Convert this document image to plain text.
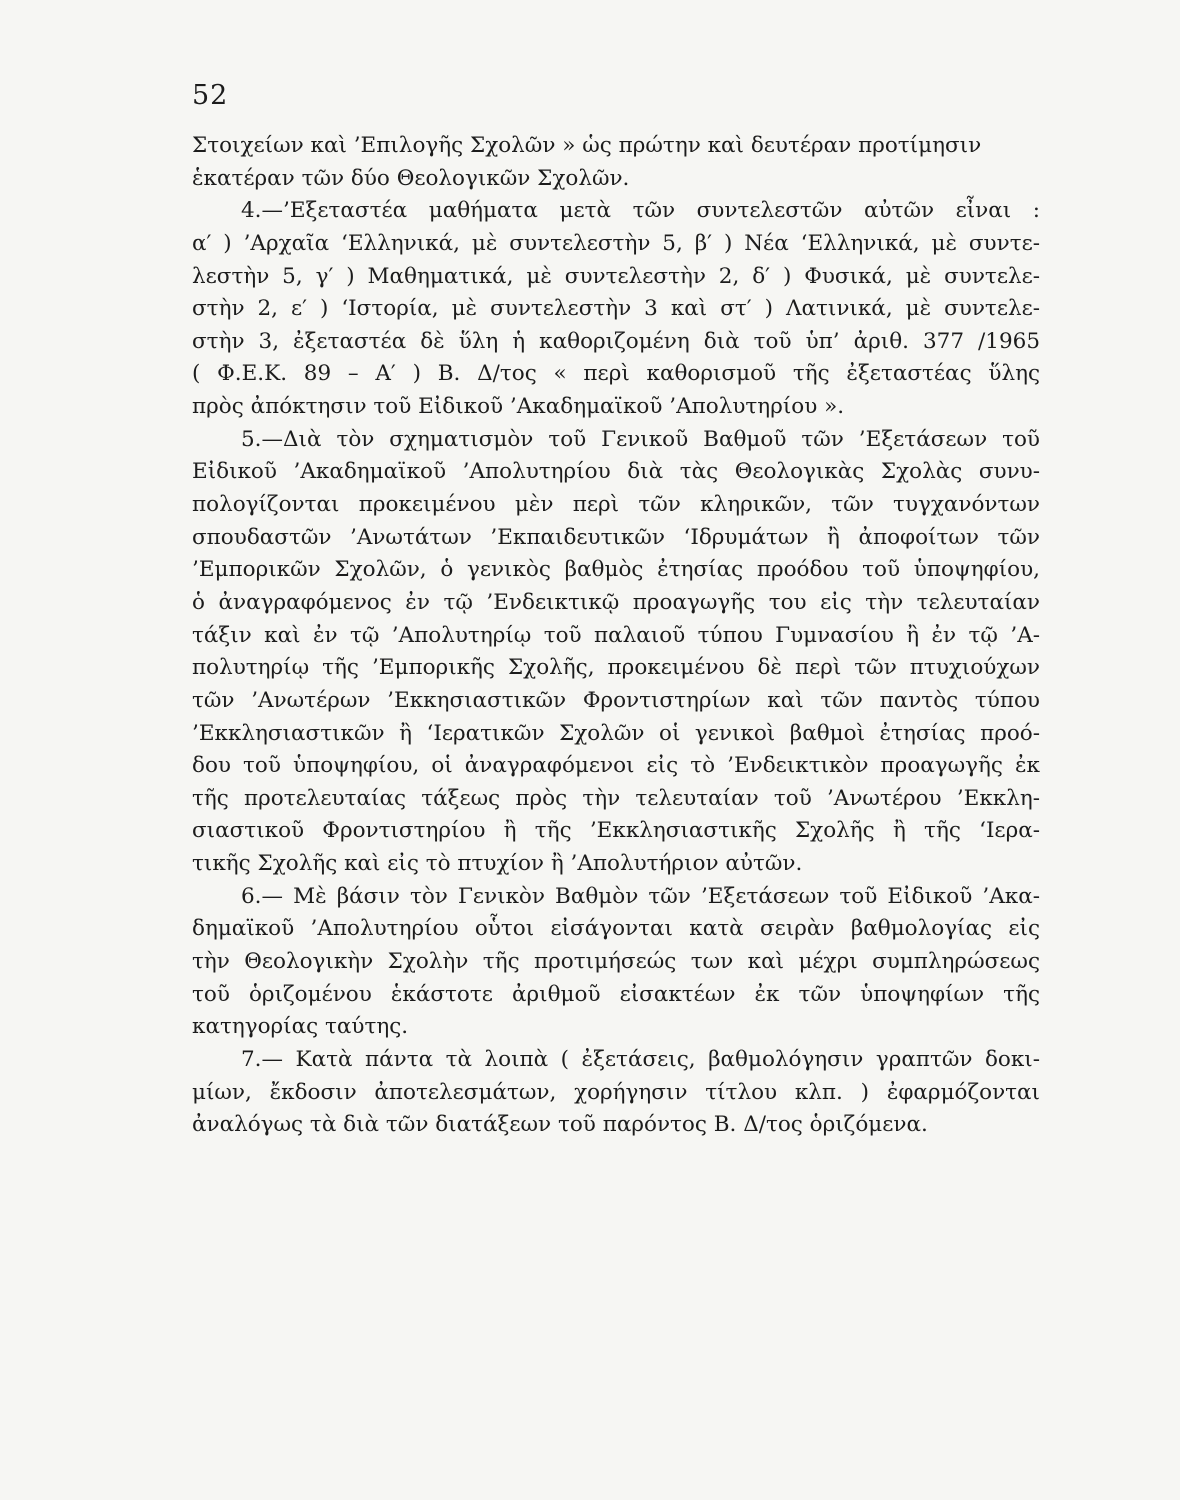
52
Στοιχείων καὶ ’Επιλογῆς Σχολῶν » ὡς πρώτην καὶ δευτέραν προτίμησιν
ἑκατέραν τῶν δύο Θεολογικῶν Σχολῶν.
4.—’Εξεταστέα μαθήματα μετὰ τῶν συντελεστῶν αὐτῶν εἶναι :
α′ ) ’Αρχαῖα ‘Ελληνικά, μὲ συντελεστὴν 5, β′ ) Νέα ‘Ελληνικά, μὲ συντε-
λεστὴν 5, γ′ ) Μαθηματικά, μὲ συντελεστὴν 2, δ′ ) Φυσικά, μὲ συντελε-
στὴν 2, ε′ ) ‘Ιστορία, μὲ συντελεστὴν 3 καὶ στ′ ) Λατινικά, μὲ συντελε-
στὴν 3, ἐξεταστέα δὲ ὕλη ἡ καθοριζομένη διὰ τοῦ ὑπ’ ἀριθ. 377 /1965
( Φ.Ε.Κ. 89 – Α′ ) Β. Δ/τος « περὶ καθορισμοῦ τῆς ἐξεταστέας ὕλης
πρὸς ἀπόκτησιν τοῦ Εἰδικοῦ ’Ακαδημαϊκοῦ ’Απολυτηρίου ».
5.—Διὰ τὸν σχηματισμὸν τοῦ Γενικοῦ Βαθμοῦ τῶν ’Εξετάσεων τοῦ
Εἰδικοῦ ’Ακαδημαϊκοῦ ’Απολυτηρίου διὰ τὰς Θεολογικὰς Σχολὰς συνυ-
πολογίζονται προκειμένου μὲν περὶ τῶν κληρικῶν, τῶν τυγχανόντων
σπουδαστῶν ’Ανωτάτων ’Εκπαιδευτικῶν ‘Ιδρυμάτων ἢ ἀποφοίτων τῶν
’Εμπορικῶν Σχολῶν, ὁ γενικὸς βαθμὸς ἐτησίας προόδου τοῦ ὑποψηφίου,
ὁ ἀναγραφόμενος ἐν τῷ ’Ενδεικτικῷ προαγωγῆς του εἰς τὴν τελευταίαν
τάξιν καὶ ἐν τῷ ’Απολυτηρίῳ τοῦ παλαιοῦ τύπου Γυμνασίου ἢ ἐν τῷ ’Α-
πολυτηρίῳ τῆς ’Εμπορικῆς Σχολῆς, προκειμένου δὲ περὶ τῶν πτυχιούχων
τῶν ’Ανωτέρων ’Εκκησιαστικῶν Φροντιστηρίων καὶ τῶν παντὸς τύπου
’Εκκλησιαστικῶν ἢ ‘Ιερατικῶν Σχολῶν οἱ γενικοὶ βαθμοὶ ἐτησίας προό-
δου τοῦ ὑποψηφίου, οἱ ἀναγραφόμενοι εἰς τὸ ’Ενδεικτικὸν προαγωγῆς ἐκ
τῆς προτελευταίας τάξεως πρὸς τὴν τελευταίαν τοῦ ’Ανωτέρου ’Εκκλη-
σιαστικοῦ Φροντιστηρίου ἢ τῆς ’Εκκλησιαστικῆς Σχολῆς ἢ τῆς ‘Ιερα-
τικῆς Σχολῆς καὶ εἰς τὸ πτυχίον ἢ ’Απολυτήριον αὐτῶν.
6.— Μὲ βάσιν τὸν Γενικὸν Βαθμὸν τῶν ’Εξετάσεων τοῦ Εἰδικοῦ ’Ακα-
δημαϊκοῦ ’Απολυτηρίου οὗτοι εἰσάγονται κατὰ σειρὰν βαθμολογίας εἰς
τὴν Θεολογικὴν Σχολὴν τῆς προτιμήσεώς των καὶ μέχρι συμπληρώσεως
τοῦ ὁριζομένου ἑκάστοτε ἀριθμοῦ εἰσακτέων ἐκ τῶν ὑποψηφίων τῆς
κατηγορίας ταύτης.
7.— Κατὰ πάντα τὰ λοιπὰ ( ἐξετάσεις, βαθμολόγησιν γραπτῶν δοκι-
μίων, ἔκδοσιν ἀποτελεσμάτων, χορήγησιν τίτλου κλπ. ) ἐφαρμόζονται
ἀναλόγως τὰ διὰ τῶν διατάξεων τοῦ παρόντος Β. Δ/τος ὁριζόμενα.
